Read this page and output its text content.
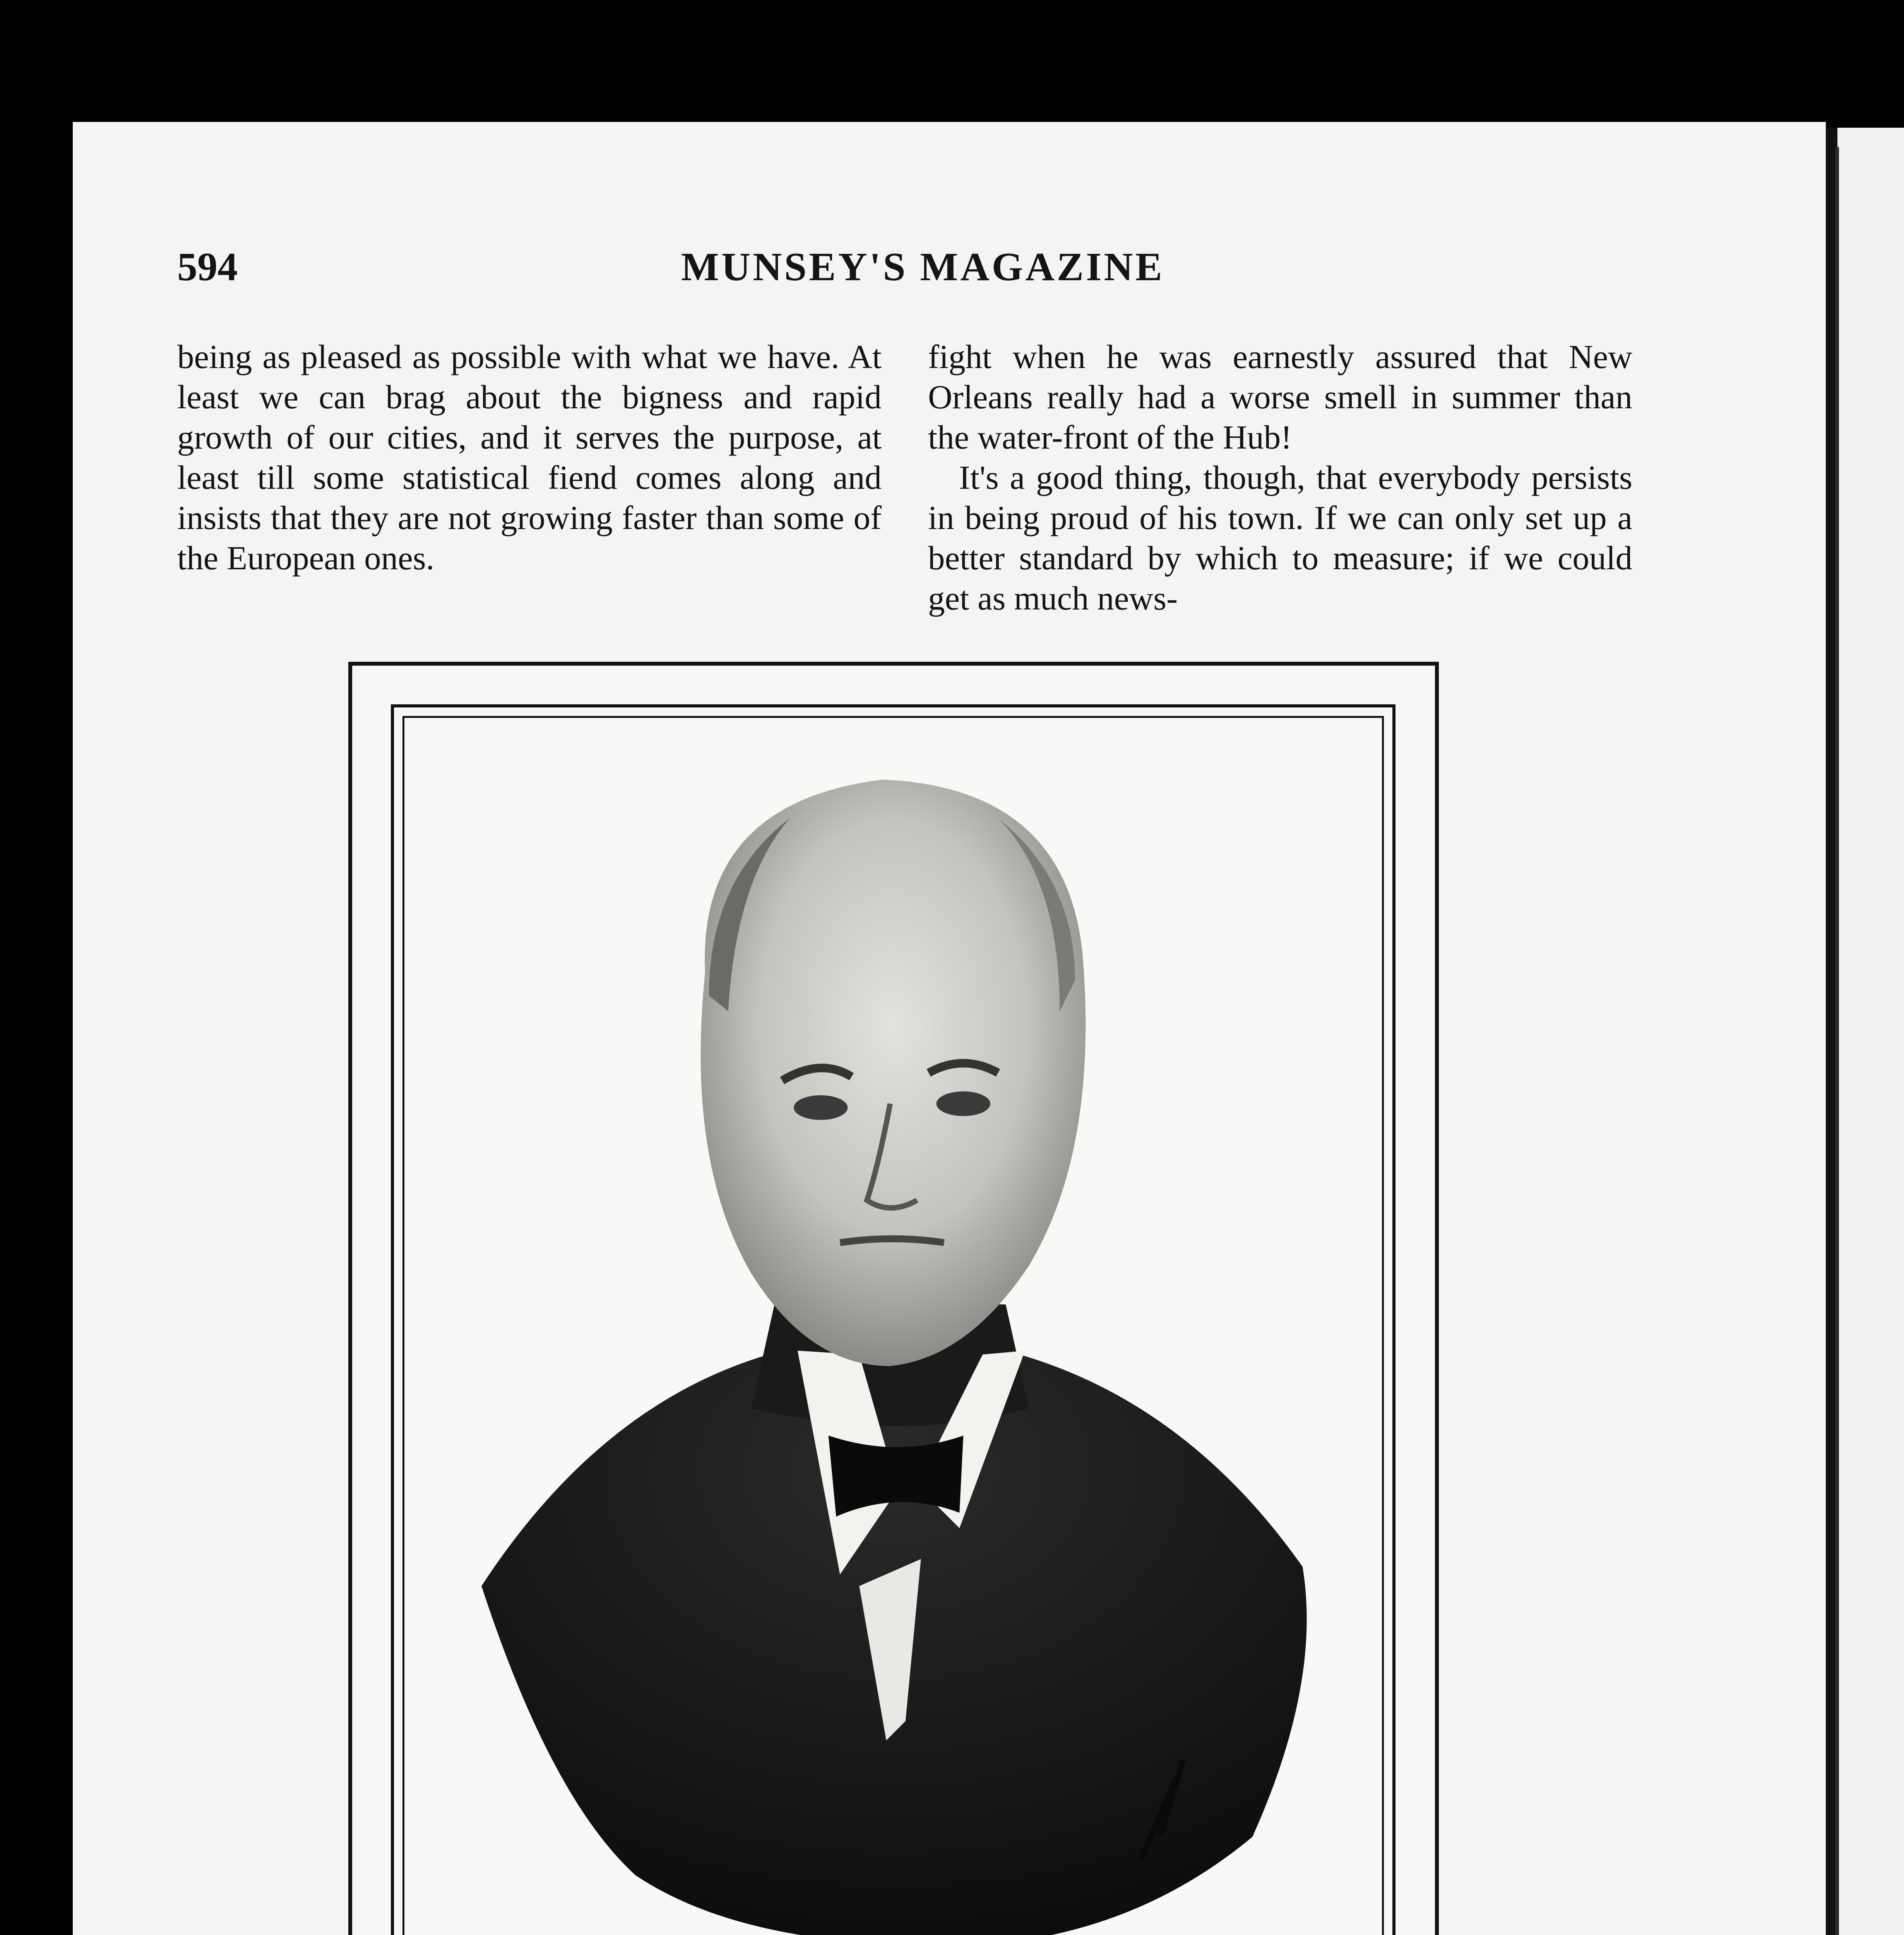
594	MUNSEY'S MAGAZINE

being as pleased as possible with what we have. At least we can brag about the bigness and rapid growth of our cities, and it serves the purpose, at least till some statistical fiend comes along and insists that they are not growing faster than some of the European ones.

fight when he was earnestly assured that New Orleans really had a worse smell in summer than the water-front of the Hub!

It's a good thing, though, that everybody persists in being proud of his town. If we can only set up a better standard by which to measure; if we could get as much news-
